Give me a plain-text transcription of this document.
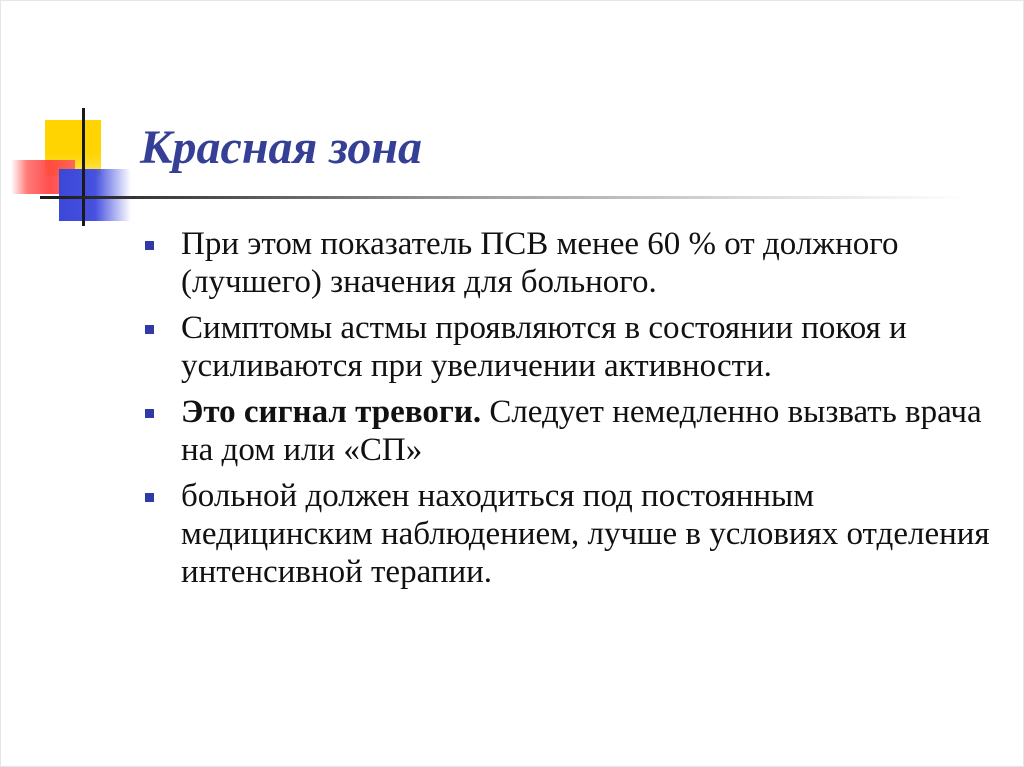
Красная зона
При этом показатель ПСВ менее 60 % от должного (лучшего) значения для больного.
Симптомы астмы проявляются в состоянии покоя и усиливаются при увеличении активности.
Это сигнал тревоги. Следует немедленно вызвать врача на дом или «СП»
больной должен находиться под постоянным медицинским наблюдением, лучше в условиях отделения интенсивной терапии.
